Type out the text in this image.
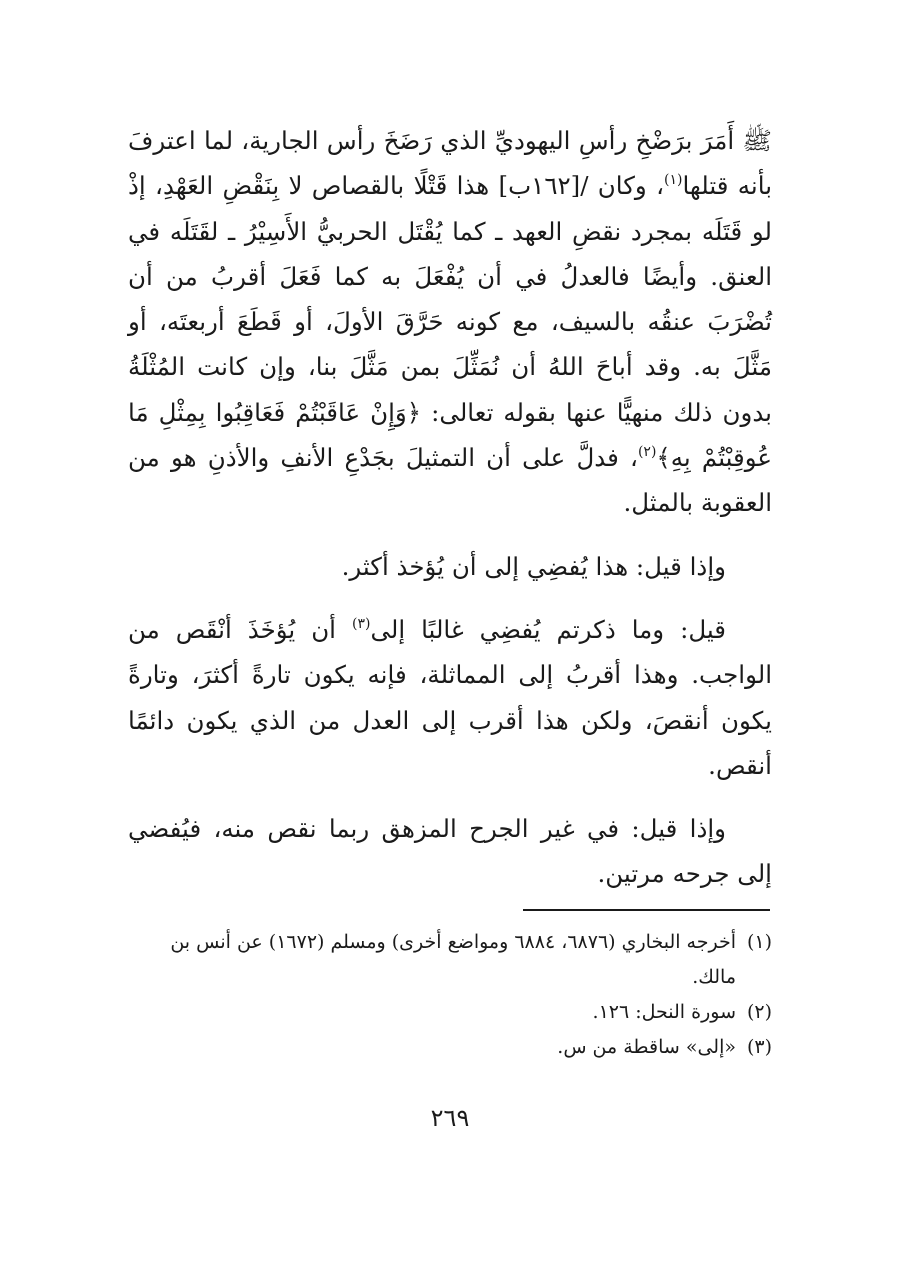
ﷺ أَمَرَ برَضْخِ رأسِ اليهوديِّ الذي رَضَخَ رأس الجارية، لما اعترفَ بأنه قتلها$^{(١)}$، وكان /[١٦٢ب] هذا قَتْلًا بالقصاص لا بِنَقْضِ العَهْدِ، إذْ لو قَتَلَه بمجرد نقضِ العهد ـ كما يُقْتَل الحربيُّ الأَسِيْرُ ـ لقَتَلَه في العنق. وأيضًا فالعدلُ في أن يُفْعَلَ به كما فَعَلَ أقربُ من أن تُضْرَبَ عنقُه بالسيف، مع كونه حَرَّقَ الأولَ، أو قَطَعَ أربعتَه، أو مَثَّلَ به. وقد أباحَ اللهُ أن نُمَثِّلَ بمن مَثَّلَ بنا، وإن كانت المُثْلَةُ بدون ذلك منهيًّا عنها بقوله تعالى: ﴿وَإِنْ عَاقَبْتُمْ فَعَاقِبُوا بِمِثْلِ مَا عُوقِبْتُمْ بِهِ﴾$^{(٢)}$، فدلَّ على أن التمثيلَ بجَدْعِ الأنفِ والأذنِ هو من العقوبة بالمثل.

وإذا قيل: هذا يُفضِي إلى أن يُؤخذ أكثر.

قيل: وما ذكرتم يُفضِي غالبًا إلى$^{(٣)}$ أن يُؤخَذَ أنْقَص من الواجب. وهذا أقربُ إلى المماثلة، فإنه يكون تارةً أكثرَ، وتارةً يكون أنقصَ، ولكن هذا أقرب إلى العدل من الذي يكون دائمًا أنقص.

وإذا قيل: في غير الجرح المزهق ربما نقص منه، فيُفضي إلى جرحه مرتين.

(١)
أخرجه البخاري (٦٨٧٦، ٦٨٨٤ ومواضع أخرى) ومسلم (١٦٧٢) عن أنس بن مالك.

(٢)
سورة النحل: ١٢٦.

(٣)
«إلى» ساقطة من س.

٢٦٩
